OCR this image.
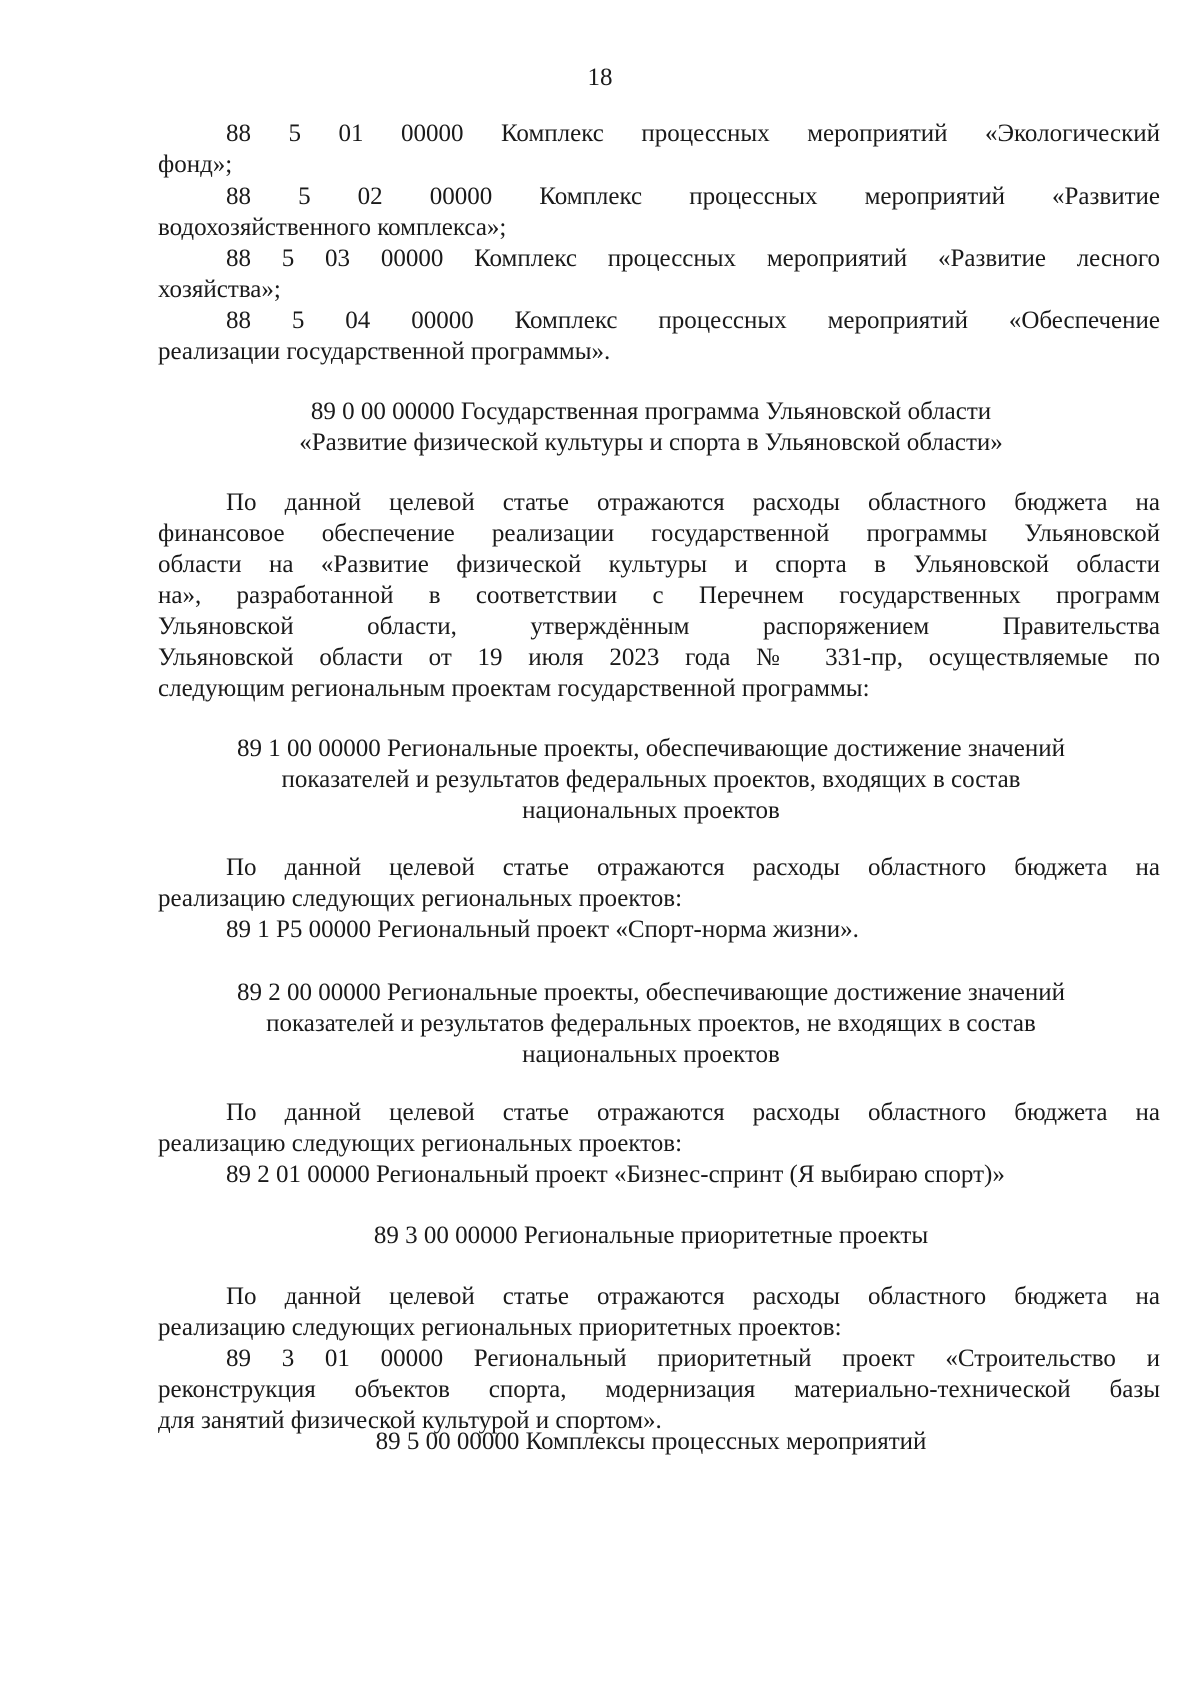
18
88 5 01 00000 Комплекс процессных мероприятий «Экологический
фонд»;
88 5 02 00000 Комплекс процессных мероприятий «Развитие
водохозяйственного комплекса»;
88 5 03 00000 Комплекс процессных мероприятий «Развитие лесного
хозяйства»;
88 5 04 00000 Комплекс процессных мероприятий «Обеспечение
реализации государственной программы».
89 0 00 00000 Государственная программа Ульяновской области
«Развитие физической культуры и спорта в Ульяновской области»
По данной целевой статье отражаются расходы областного бюджета на
финансовое обеспечение реализации государственной программы Ульяновской
области на «Развитие физической культуры и спорта в Ульяновской области
на», разработанной в соответствии с Перечнем государственных программ
Ульяновской области, утверждённым распоряжением Правительства
Ульяновской области от 19 июля 2023 года № 331-пр, осуществляемые по
следующим региональным проектам государственной программы:
89 1 00 00000 Региональные проекты, обеспечивающие достижение значений
показателей и результатов федеральных проектов, входящих в состав
национальных проектов
По данной целевой статье отражаются расходы областного бюджета на
реализацию следующих региональных проектов:
89 1 Р5 00000 Региональный проект «Спорт-норма жизни».
89 2 00 00000 Региональные проекты, обеспечивающие достижение значений
показателей и результатов федеральных проектов, не входящих в состав
национальных проектов
По данной целевой статье отражаются расходы областного бюджета на
реализацию следующих региональных проектов:
89 2 01 00000 Региональный проект «Бизнес-спринт (Я выбираю спорт)»
89 3 00 00000 Региональные приоритетные проекты
По данной целевой статье отражаются расходы областного бюджета на
реализацию следующих региональных приоритетных проектов:
89 3 01 00000 Региональный приоритетный проект «Строительство и
реконструкция объектов спорта, модернизация материально-технической базы
для занятий физической культурой и спортом».
89 5 00 00000 Комплексы процессных мероприятий
